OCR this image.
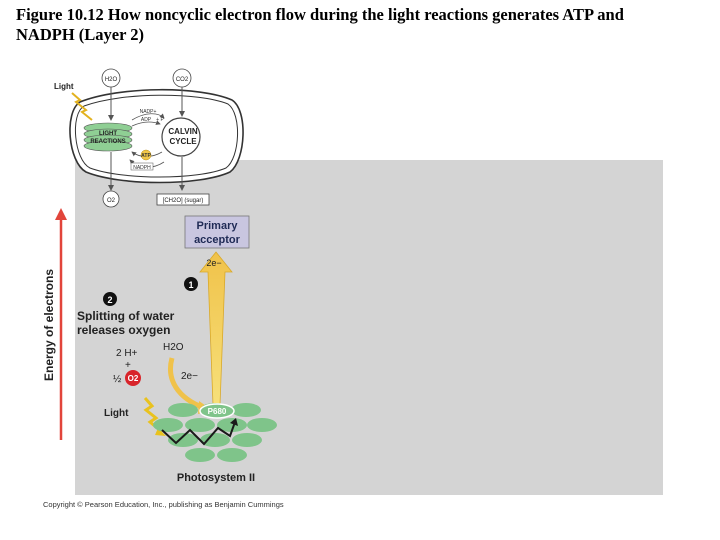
Figure 10.12 How noncyclic electron flow during the light reactions generates ATP and
NADPH (Layer 2)
LIGHT
REACTIONS
CALVIN
CYCLE
NADP+
ADP + P
ATP
NADPH
Light
H2O
O2
CO2
[CH2O] (sugar)
Primary
acceptor
2e−
1
2
Splitting of water
releases oxygen
2 H+
+
½ O2
H2O
2e−
Light	P680
Photosystem II
Energy of electrons
Copyright © Pearson Education, Inc., publishing as Benjamin Cummings
